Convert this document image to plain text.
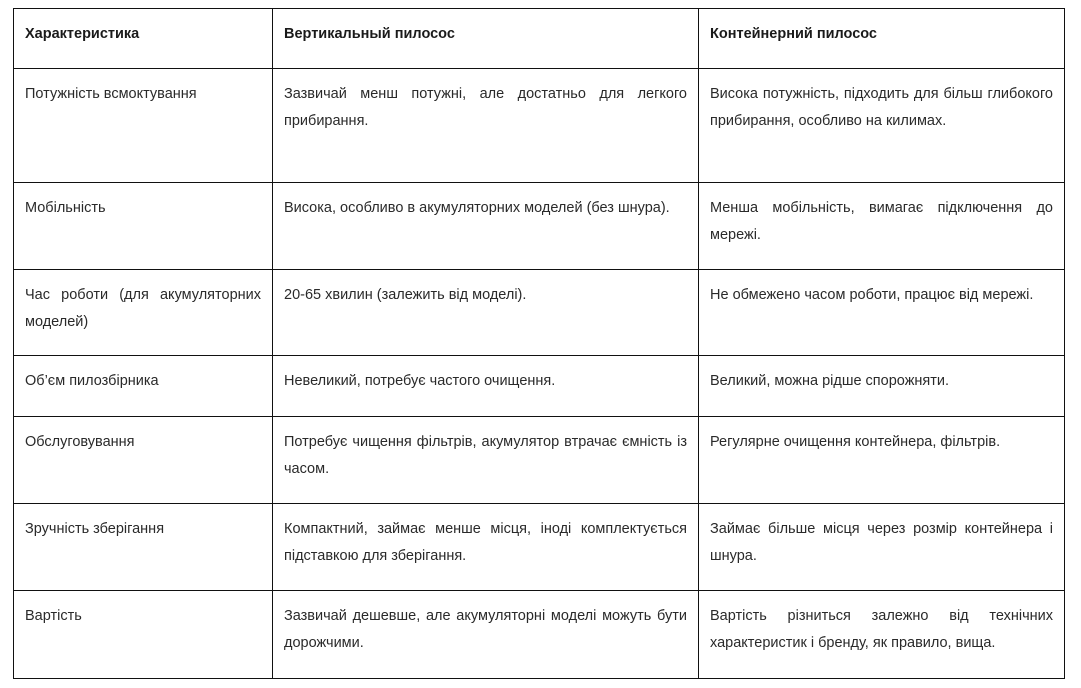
Характеристика	Вертикальный пилосос	Контейнерний пилосос
Потужність всмоктування	Зазвичай менш потужні, але достатньо для легкого прибирання.	Висока потужність, підходить для більш глибокого прибирання, особливо на килимах.
Мобільність	Висока, особливо в акумуляторних моделей (без шнура).	Менша мобільність, вимагає підключення до мережі.
Час роботи (для акумуляторних моделей)	20-65 хвилин (залежить від моделі).	Не обмежено часом роботи, працює від мережі.
Об’єм пилозбірника	Невеликий, потребує частого очищення.	Великий, можна рідше спорожняти.
Обслуговування	Потребує чищення фільтрів, акумулятор втрачає ємність із часом.	Регулярне очищення контейнера, фільтрів.
Зручність зберігання	Компактний, займає менше місця, іноді комплектується підставкою для зберігання.	Займає більше місця через розмір контейнера і шнура.
Вартість	Зазвичай дешевше, але акумуляторні моделі можуть бути дорожчими.	Вартість різниться залежно від технічних характеристик і бренду, як правило, вища.
